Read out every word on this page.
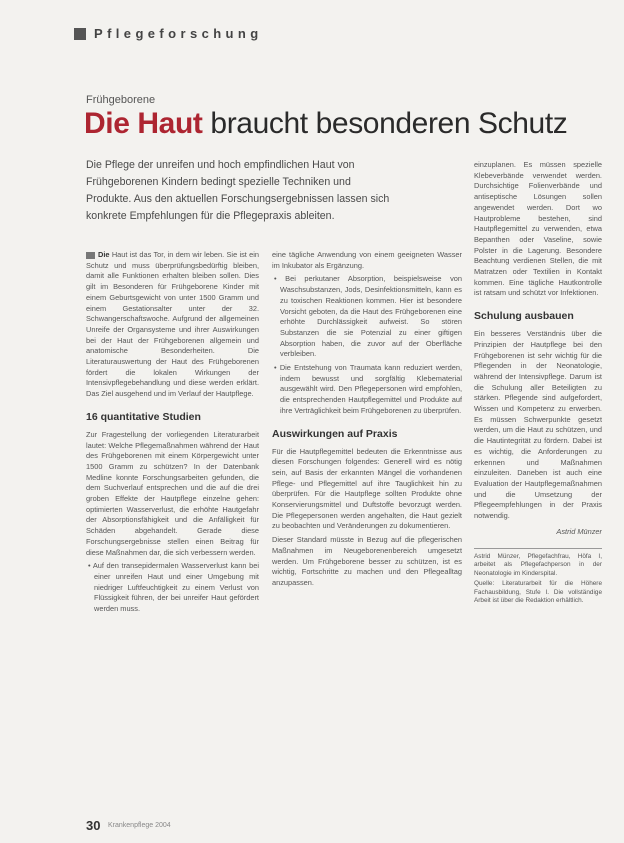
Pflegeforschung
Frühgeborene
Die Haut braucht besonderen Schutz
Die Pflege der unreifen und hoch empfindlichen Haut von Frühgeborenen Kindern bedingt spezielle Techniken und Produkte. Aus den aktuellen Forschungsergebnissen lassen sich konkrete Empfehlungen für die Pflegepraxis ableiten.

Die Haut ist das Tor, in dem wir leben. Sie ist ein Schutz und muss überprüfungsbedürftig bleiben, damit alle Funktionen erhalten bleiben sollen. Dies gilt im Besonderen für Frühgeborene Kinder mit einem Geburtsgewicht von unter 1500 Gramm und einem Gestationsalter unter der 32. Schwangerschaftswoche. Aufgrund der allgemeinen Unreife der Organsysteme und ihrer Auswirkungen bei der Haut der Frühgeborenen allgemein und anatomische Besonderheiten. Die Literaturauswertung der Haut des Frühgeborenen fördert die lokalen Wirkungen der Intensivpflegebehandlung und diese werden erklärt. Das Ziel ausgehend und im Verlauf der Hautpflege.

16 quantitative Studien

Zur Fragestellung der vorliegenden Literaturarbeit lautet: Welche Pflegemaßnahmen während der Haut des Frühgeborenen mit einem Körpergewicht unter 1500 Gramm zu schützen? In der Datenbank Medline konnte Forschungsarbeiten gefunden, die dem Suchverlauf entsprechen und die auf die drei groben Effekte der Hautpflege einzelne gehen: optimierten Wasserverlust, die erhöhte Hautgefahr der Absorptionsfähigkeit und die Anfälligkeit für Schäden abgehandelt. Gerade diese Forschungsergebnisse stellen einen Beitrag für diese Maßnahmen dar, die sich verbessern werden.

• Auf den transepidermalen Wasserverlust kann bei einer unreifen Haut und einer Umgebung mit niedriger Luftfeuchtigkeit zu einem Verlust von Flüssigkeit führen, der bei unreifer Haut gefördert werden muss.

eine tägliche Anwendung von einem geeigneten Wasser im Inkubator als Ergänzung.

• Bei perkutaner Absorption, beispielsweise von Waschsubstanzen, Jods, Desinfektionsmitteln, kann es zu toxischen Reaktionen kommen. Hier ist besondere Vorsicht geboten, da die Haut des Frühgeborenen eine erhöhte Durchlässigkeit aufweist. So stören Substanzen die sie Potenzial zu einer giftigen Absorption haben, die zuvor auf der Oberfläche verbleiben.

• Die Entstehung von Traumata kann reduziert werden, indem bewusst und sorgfältig Klebematerial ausgewählt wird. Den Pflegepersonen wird empfohlen, die entsprechenden Hautpflegemittel und Produkte auf ihre Verträglichkeit beim Frühgeborenen zu überprüfen.

Auswirkungen auf Praxis

Für die Hautpflegemittel bedeuten die Erkenntnisse aus diesen Forschungen folgendes: Generell wird es nötig sein, auf Basis der erkannten Mängel die vorhandenen Pflege- und Pflegemittel auf ihre Tauglichkeit hin zu überprüfen. Für die Hautpflege sollten Produkte ohne Konservierungsmittel und Duftstoffe bevorzugt werden. Die Pflegepersonen werden angehalten, die Haut gezielt zu beobachten und Veränderungen zu dokumentieren.

Dieser Standard müsste in Bezug auf die pflegerischen Maßnahmen im Neugeborenenbereich umgesetzt werden. Um Frühgeborene besser zu schützen, ist es wichtig, Fortschritte zu machen und den Pflegealltag anzupassen.

einzuplanen. Es müssen spezielle Klebeverbände verwendet werden. Durchsichtige Folienverbände und antiseptische Lösungen sollen angewendet werden. Dort wo Hautprobleme bestehen, sind Hautpflegemittel zu verwenden, etwa Bepanthen oder Vaseline, sowie Polster in die Lagerung. Besondere Beachtung verdienen Stellen, die mit Matratzen oder Textilien in Kontakt kommen. Eine tägliche Hautkontrolle ist ratsam und schützt vor Infektionen.

Schulung ausbauen

Ein besseres Verständnis über die Prinzipien der Hautpflege bei den Frühgeborenen ist sehr wichtig für die Pflegenden in der Neonatologie, während der Intensivpflege. Darum ist die Schulung aller Beteiligten zu stärken. Pflegende sind aufgefordert, Wissen und Kompetenz zu erwerben. Es müssen Schwerpunkte gesetzt werden, um die Haut zu schützen, und die Hautintegrität zu fördern. Dabei ist es wichtig, die Anforderungen zu erkennen und Maßnahmen einzuleiten. Daneben ist auch eine Evaluation der Hautpflegemaßnahmen und die Umsetzung der Pflegeempfehlungen in der Praxis notwendig.

Astrid Münzer

Astrid Münzer, Pflegefachfrau, Höfa I, arbeitet als Pflegefachperson in der Neonatologie im Kinderspital.

Quelle: Literaturarbeit für die Höhere Fachausbildung, Stufe I. Die vollständige Arbeit ist über die Redaktion erhältlich.

30 Krankenpflege 2004
